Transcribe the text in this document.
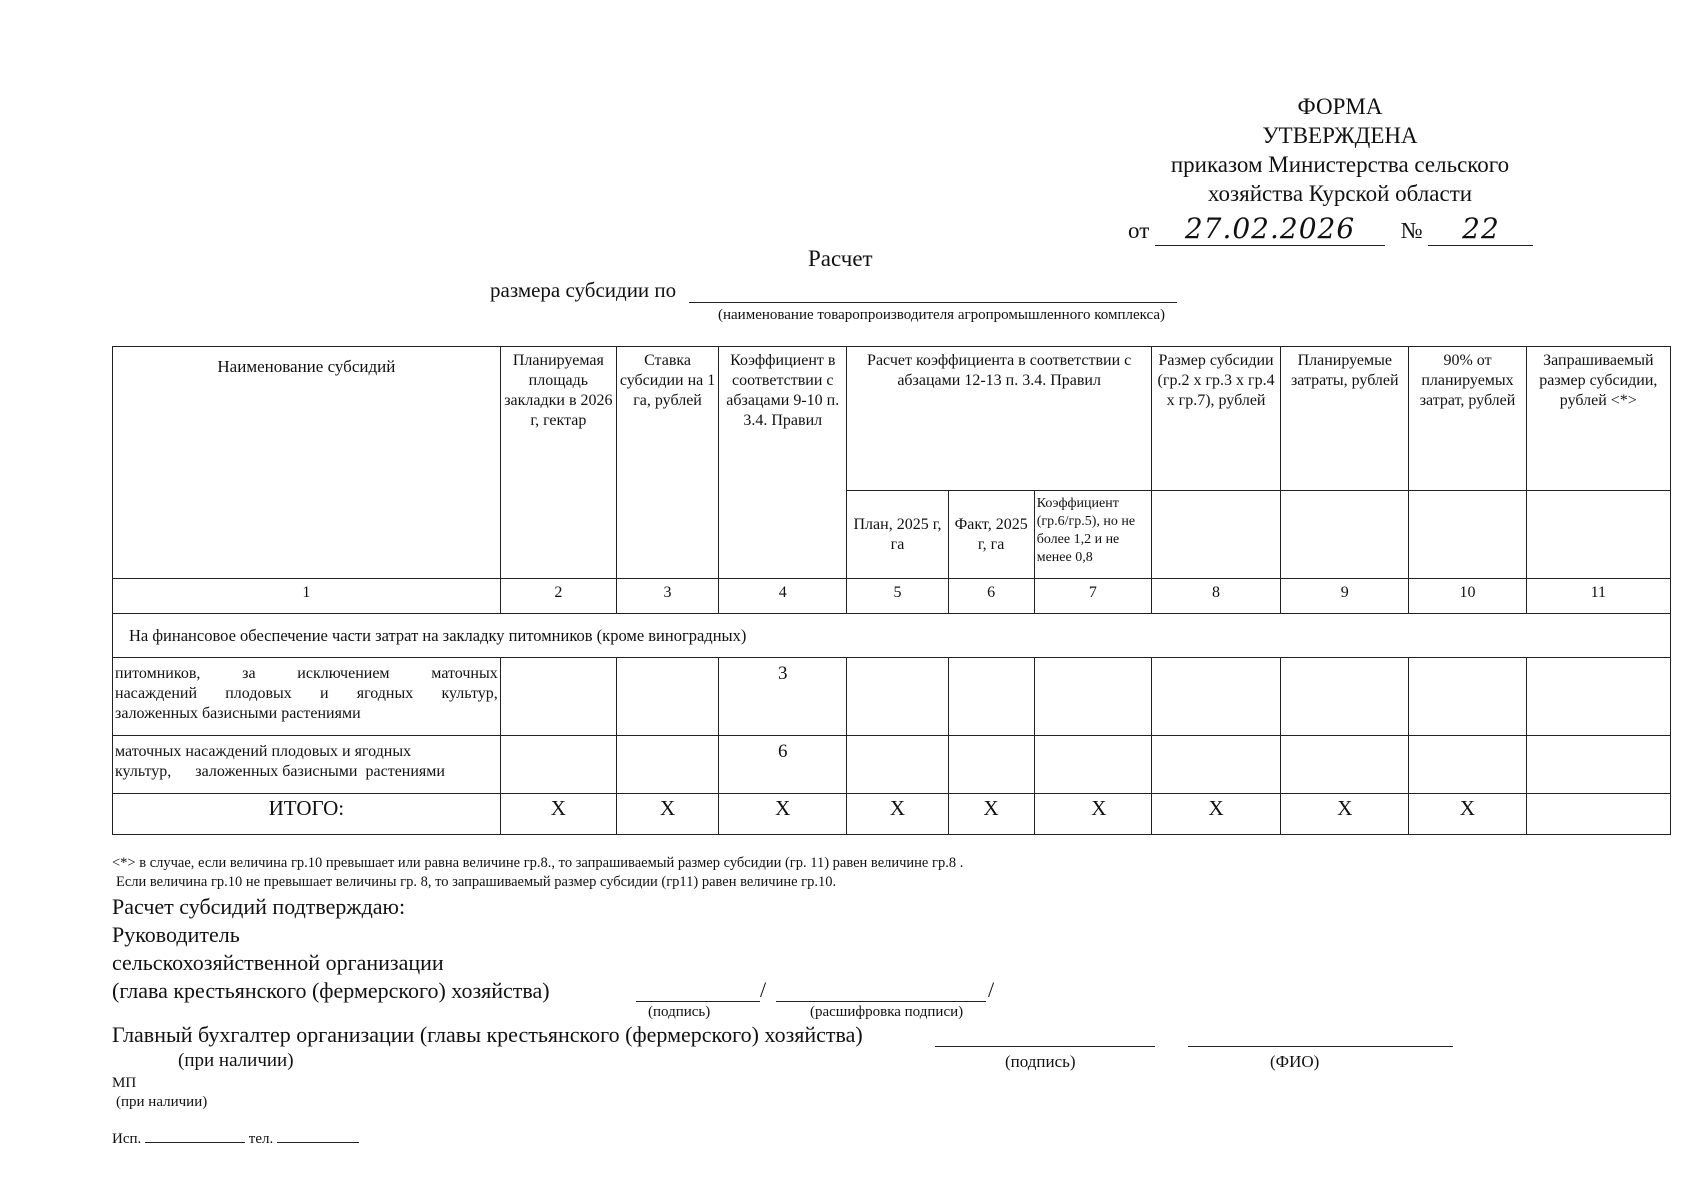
ФОРМА
УТВЕРЖДЕНА
приказом Министерства сельского
хозяйства Курской области
от 27.02.2026 № 22
Расчет
размера субсидии по
(наименование товаропроизводителя агропромышленного комплекса)
Наименование субсидий	Планируемая площадь закладки в 2026 г, гектар	Ставка субсидии на 1 га, рублей	Коэффициент в соответствии с абзацами 9-10 п. 3.4. Правил	Расчет коэффициента в соответствии с абзацами 12-13 п. 3.4. Правил			Размер субсидии (гр.2 х гр.3 х гр.4 х гр.7), рублей	Планируемые затраты, рублей	90% от планируемых затрат, рублей	Запрашиваемый размер субсидии, рублей <*>
				План, 2025 г, га	Факт, 2025 г, га	Коэффициент (гр.6/гр.5), но не более 1,2 и не менее 0,8				
1	2	3	4	5	6	7	8	9	10	11
На финансовое обеспечение части затрат на закладку питомников (кроме виноградных)										

питомников, за исключением маточных
насаждений плодовых и ягодных культур,
заложенных базисными растениями			3							

маточных насаждений плодовых и ягодных
культур,      заложенных базисными  растениями			6							
ИТОГО:	Х	Х	Х	Х	Х	Х	Х	Х	Х	
<*> в случае, если величина гр.10 превышает или равна величине гр.8., то запрашиваемый размер субсидии (гр. 11) равен величине гр.8 .
Если величина гр.10 не превышает величины гр. 8, то запрашиваемый размер субсидии (гр11) равен величине гр.10.
Расчет субсидий подтверждаю:
Руководитель
сельскохозяйственной организации
(глава крестьянского (фермерского) хозяйства)	/	/
(подпись)	(расшифровка подписи)
Главный бухгалтер организации (главы крестьянского (фермерского) хозяйства)
(при наличии)	(подпись)	(ФИО)
МП
(при наличии)
Исп.	тел.
